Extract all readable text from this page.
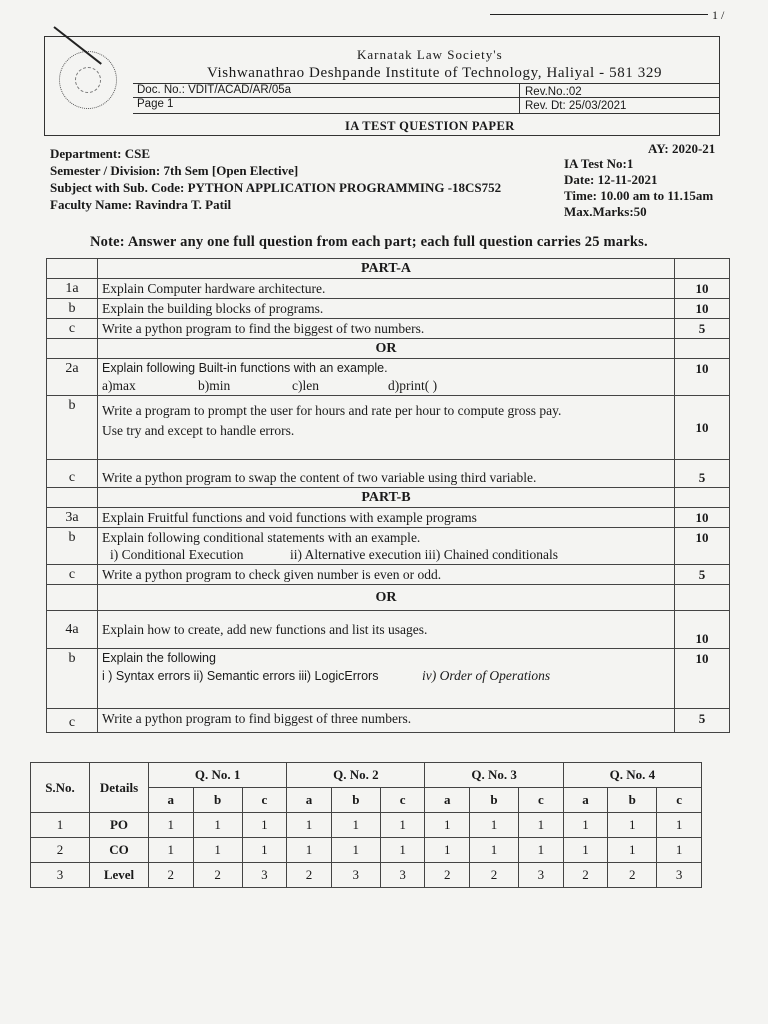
1 /
Karnatak Law Society's
Vishwanathrao Deshpande Institute of Technology, Haliyal - 581 329
Doc. No.: VDIT/ACAD/AR/05a	Rev.No.:02
Page 1	Rev. Dt: 25/03/2021
IA TEST QUESTION PAPER
Department: CSE
Semester / Division: 7th Sem [Open Elective]
Subject with Sub. Code: PYTHON APPLICATION PROGRAMMING -18CS752
Faculty Name: Ravindra T. Patil
AY: 2020-21
IA Test No:1
Date: 12-11-2021
Time: 10.00 am to 11.15am
Max.Marks:50
Note: Answer any one full question from each part; each full question carries 25 marks.
	PART-A	
1a	Explain Computer hardware architecture.	10
b	Explain the building blocks of programs.	10
c	Write a python program to find the biggest of two numbers.	5
	OR	
2a	Explain following Built-in functions with an example.
a)max b)min c)len d)print( )	10
b	Write a program to prompt the user for hours and rate per hour to compute gross pay.
Use try and except to handle errors.	10
c	Write a python program to swap the content of two variable using third variable.	5
	PART-B	
3a	Explain Fruitful functions and void functions with example programs	10
b	Explain following conditional statements with an example.
i) Conditional Execution ii) Alternative execution iii) Chained conditionals	10
c	Write a python program to check given number is even or odd.	5
	OR	
4a	Explain how to create, add new functions and list its usages.	10
b	Explain the following
i ) Syntax errors ii) Semantic errors iii) LogicErrors iv) Order of Operations	10
c	Write a python program to find biggest of three numbers.	5
S.No.	Details	Q. No. 1			Q. No. 2			Q. No. 3			Q. No. 4		
		a	b	c	a	b	c	a	b	c	a	b	c
1	PO	1	1	1	1	1	1	1	1	1	1	1	1
2	CO	1	1	1	1	1	1	1	1	1	1	1	1
3	Level	2	2	3	2	3	3	2	2	3	2	2	3
